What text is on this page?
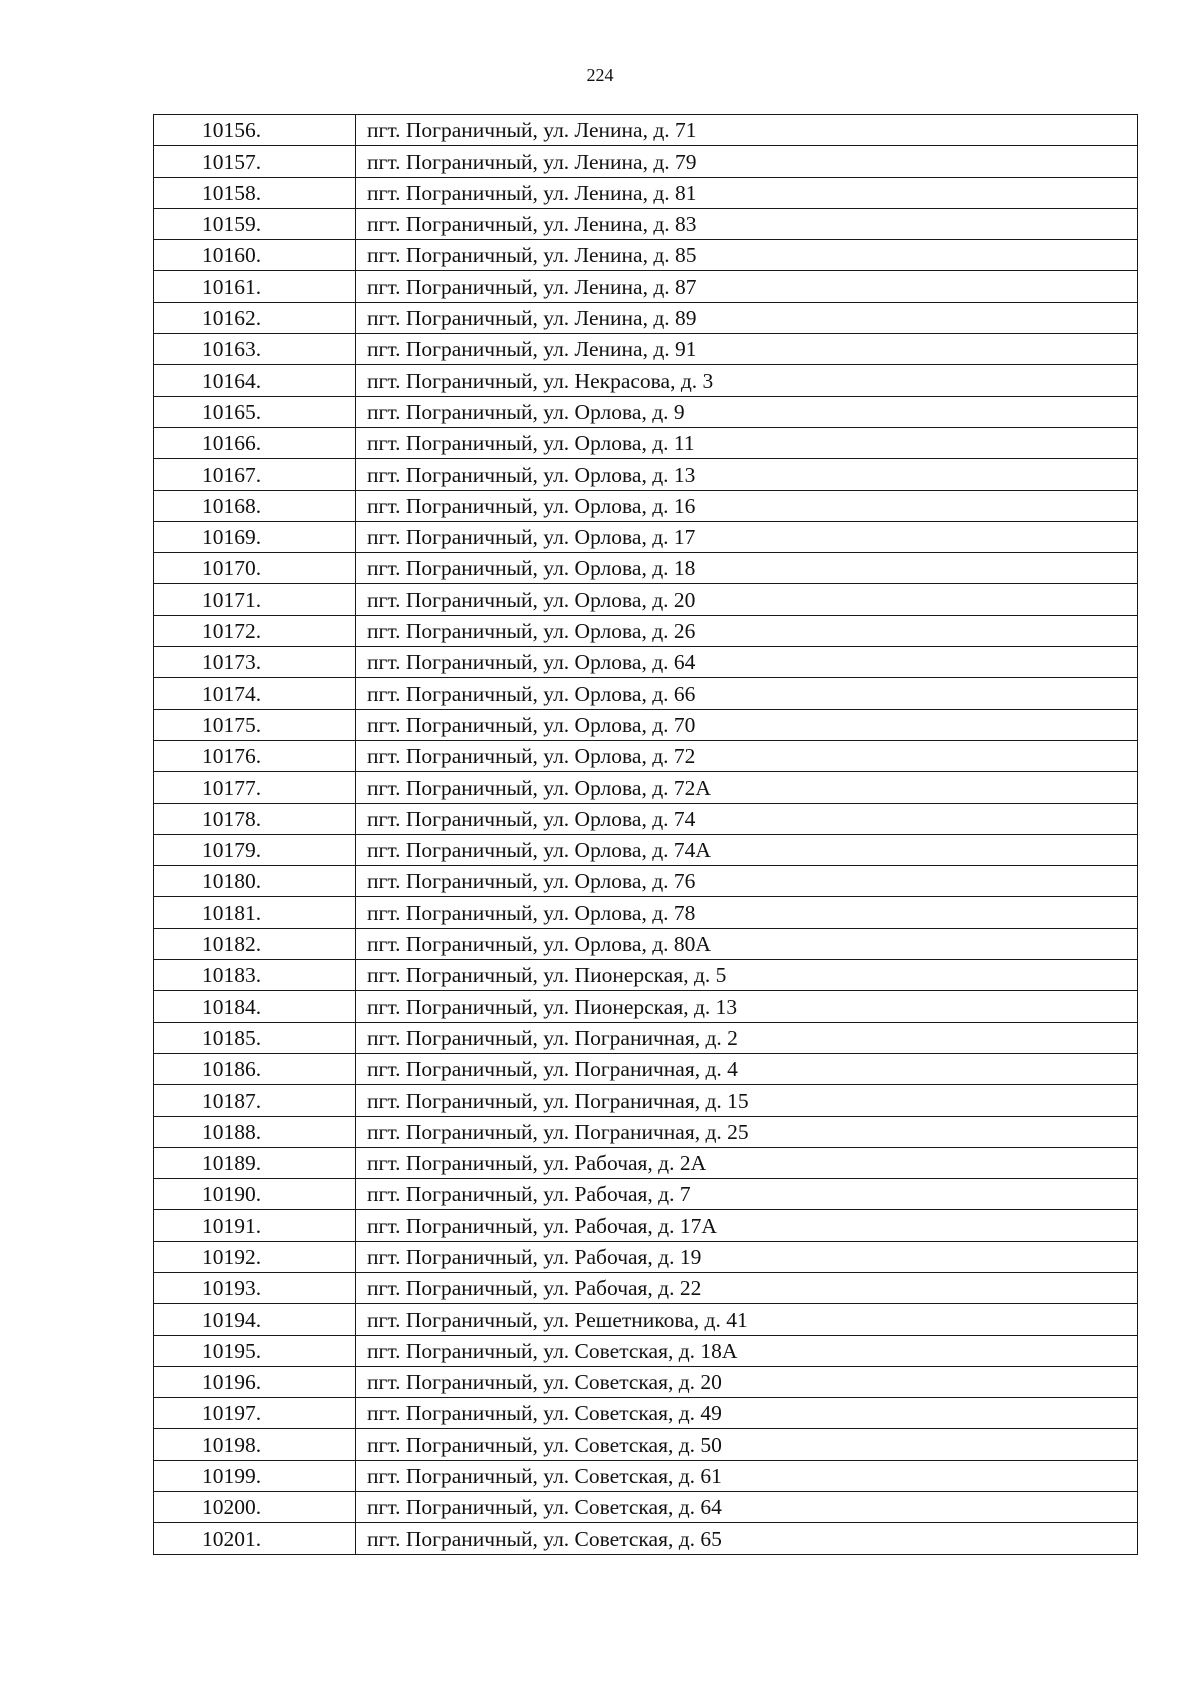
224
10156.	пгт. Пограничный, ул. Ленина, д. 71
10157.	пгт. Пограничный, ул. Ленина, д. 79
10158.	пгт. Пограничный, ул. Ленина, д. 81
10159.	пгт. Пограничный, ул. Ленина, д. 83
10160.	пгт. Пограничный, ул. Ленина, д. 85
10161.	пгт. Пограничный, ул. Ленина, д. 87
10162.	пгт. Пограничный, ул. Ленина, д. 89
10163.	пгт. Пограничный, ул. Ленина, д. 91
10164.	пгт. Пограничный, ул. Некрасова, д. 3
10165.	пгт. Пограничный, ул. Орлова, д. 9
10166.	пгт. Пограничный, ул. Орлова, д. 11
10167.	пгт. Пограничный, ул. Орлова, д. 13
10168.	пгт. Пограничный, ул. Орлова, д. 16
10169.	пгт. Пограничный, ул. Орлова, д. 17
10170.	пгт. Пограничный, ул. Орлова, д. 18
10171.	пгт. Пограничный, ул. Орлова, д. 20
10172.	пгт. Пограничный, ул. Орлова, д. 26
10173.	пгт. Пограничный, ул. Орлова, д. 64
10174.	пгт. Пограничный, ул. Орлова, д. 66
10175.	пгт. Пограничный, ул. Орлова, д. 70
10176.	пгт. Пограничный, ул. Орлова, д. 72
10177.	пгт. Пограничный, ул. Орлова, д. 72А
10178.	пгт. Пограничный, ул. Орлова, д. 74
10179.	пгт. Пограничный, ул. Орлова, д. 74А
10180.	пгт. Пограничный, ул. Орлова, д. 76
10181.	пгт. Пограничный, ул. Орлова, д. 78
10182.	пгт. Пограничный, ул. Орлова, д. 80А
10183.	пгт. Пограничный, ул. Пионерская, д. 5
10184.	пгт. Пограничный, ул. Пионерская, д. 13
10185.	пгт. Пограничный, ул. Пограничная, д. 2
10186.	пгт. Пограничный, ул. Пограничная, д. 4
10187.	пгт. Пограничный, ул. Пограничная, д. 15
10188.	пгт. Пограничный, ул. Пограничная, д. 25
10189.	пгт. Пограничный, ул. Рабочая, д. 2А
10190.	пгт. Пограничный, ул. Рабочая, д. 7
10191.	пгт. Пограничный, ул. Рабочая, д. 17А
10192.	пгт. Пограничный, ул. Рабочая, д. 19
10193.	пгт. Пограничный, ул. Рабочая, д. 22
10194.	пгт. Пограничный, ул. Решетникова, д. 41
10195.	пгт. Пограничный, ул. Советская, д. 18А
10196.	пгт. Пограничный, ул. Советская, д. 20
10197.	пгт. Пограничный, ул. Советская, д. 49
10198.	пгт. Пограничный, ул. Советская, д. 50
10199.	пгт. Пограничный, ул. Советская, д. 61
10200.	пгт. Пограничный, ул. Советская, д. 64
10201.	пгт. Пограничный, ул. Советская, д. 65
